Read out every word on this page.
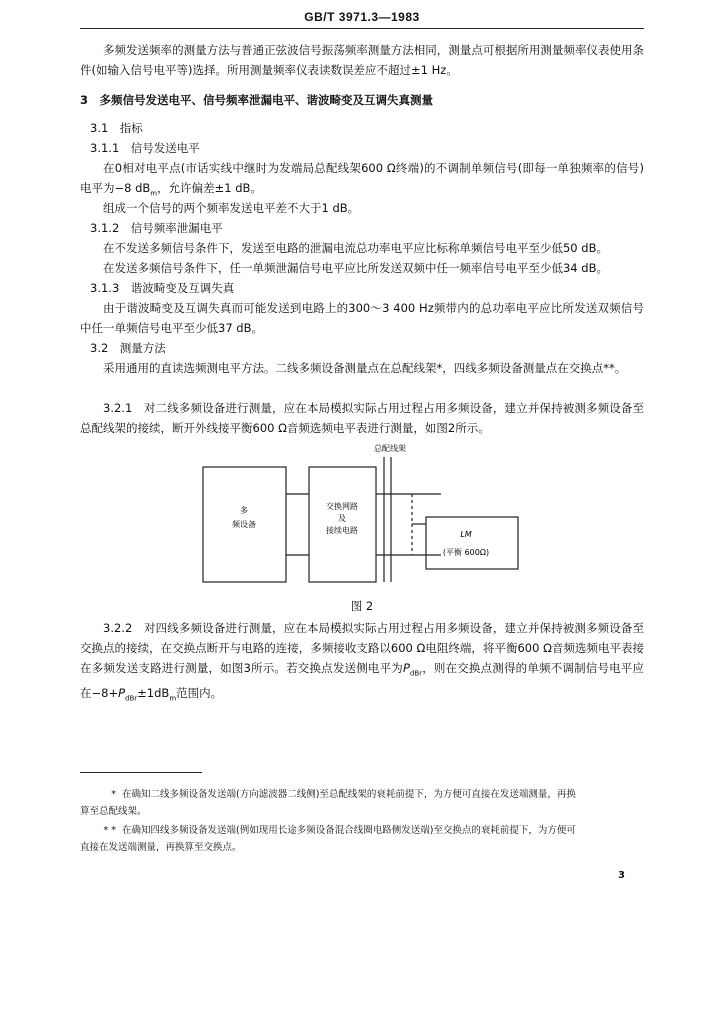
GB/T 3971.3—1983

多频发送频率的测量方法与普通正弦波信号振荡频率测量方法相同，测量点可根据所用测量频率仪表使用条件(如输入信号电平等)选择。所用测量频率仪表读数误差应不超过±1 Hz。

3　多频信号发送电平、信号频率泄漏电平、谐波畸变及互调失真测量

3.1　指标

3.1.1　信号发送电平

在0相对电平点(市话实线中继时为发端局总配线架600 Ω终端)的不调制单频信号(即每一单独频率的信号)电平为−8 $dB_m$，允许偏差±1 dB。

组成一个信号的两个频率发送电平差不大于1 dB。

3.1.2　信号频率泄漏电平

在不发送多频信号条件下，发送至电路的泄漏电流总功率电平应比标称单频信号电平至少低50 dB。

在发送多频信号条件下，任一单频泄漏信号电平应比所发送双频中任一频率信号电平至少低34 dB。

3.1.3　谐波畸变及互调失真

由于谐波畸变及互调失真而可能发送到电路上的300～3 400 Hz频带内的总功率电平应比所发送双频信号中任一单频信号电平至少低37 dB。

3.2　测量方法

采用通用的直读选频测电平方法。二线多频设备测量点在总配线架*，四线多频设备测量点在交换点**。

3.2.1　对二线多频设备进行测量，应在本局模拟实际占用过程占用多频设备，建立并保持被测多频设备至总配线架的接续，断开外线接平衡600 Ω音频选频电平表进行测量，如图2所示。

多
频设备
交换网路
及
接续电路	LM
(平衡 600Ω)
总配线架
图 2

3.2.2　对四线多频设备进行测量，应在本局模拟实际占用过程占用多频设备，建立并保持被测多频设备至交换点的接续，在交换点断开与电路的连接，多频接收支路以600 Ω电阻终端，将平衡600 Ω音频选频电平表接在多频发送支路进行测量，如图3所示。若交换点发送侧电平为$P_{dBr}$，则在交换点测得的单频不调制信号电平应在$-8+P_{dBr}\pm 1dB_m$范围内。

* 在确知二线多频设备发送端(方向滤波器二线侧)至总配线架的衰耗前提下，为方便可直接在发送端测量，再换

算至总配线架。

* * 在确知四线多频设备发送端(例如现用长途多频设备混合线圈电路侧发送端)至交换点的衰耗前提下，为方便可

直接在发送端测量，再换算至交换点。

3
